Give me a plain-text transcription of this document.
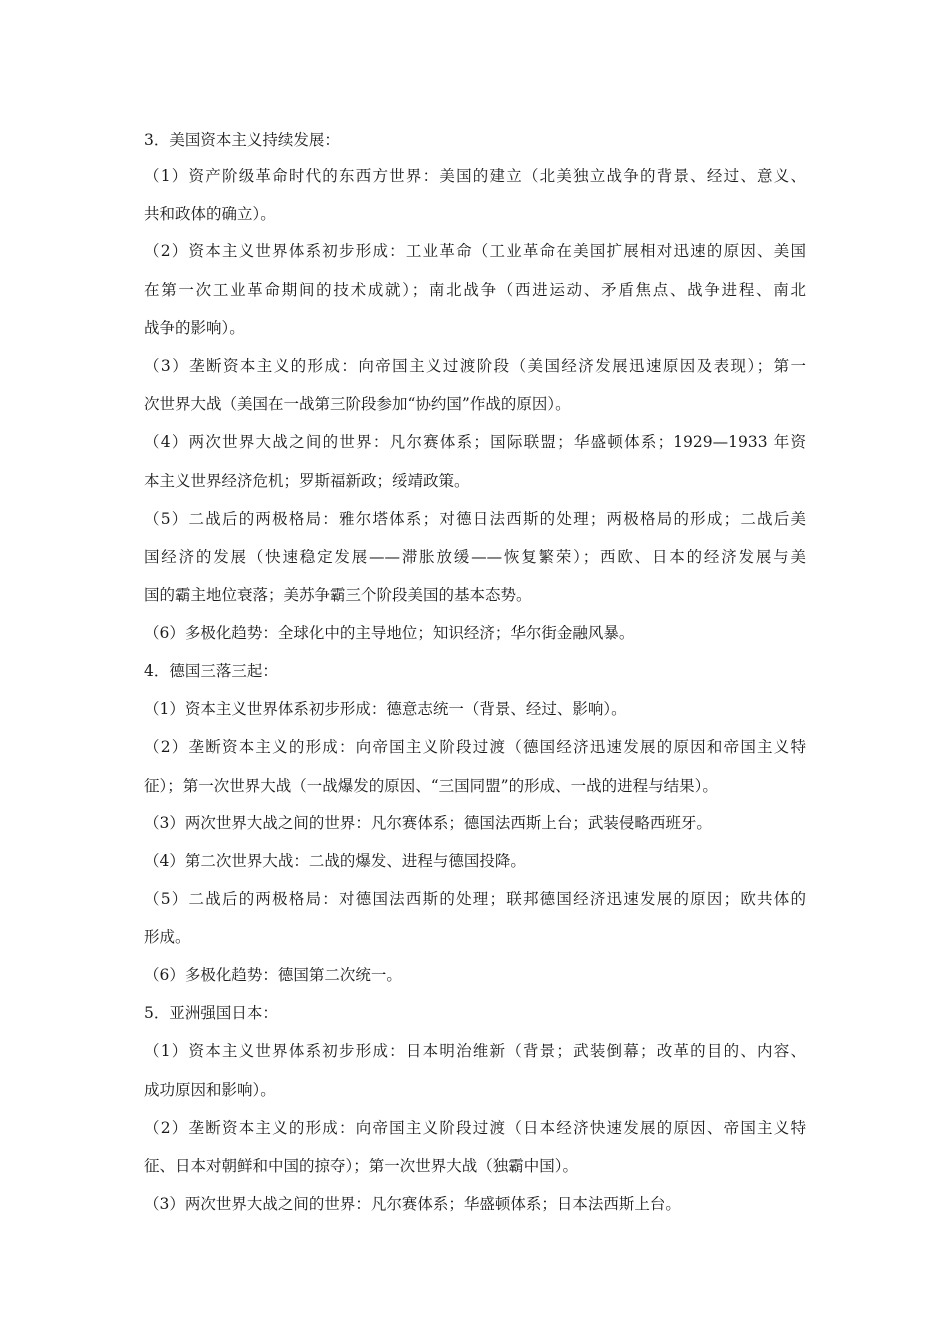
3．美国资本主义持续发展：
（1）资产阶级革命时代的东西方世界：美国的建立（北美独立战争的背景、经过、意义、
共和政体的确立）。
（2）资本主义世界体系初步形成：工业革命（工业革命在美国扩展相对迅速的原因、美国
在第一次工业革命期间的技术成就）；南北战争（西进运动、矛盾焦点、战争进程、南北
战争的影响）。
（3）垄断资本主义的形成：向帝国主义过渡阶段（美国经济发展迅速原因及表现）；第一
次世界大战（美国在一战第三阶段参加“协约国”作战的原因）。
（4）两次世界大战之间的世界：凡尔赛体系；国际联盟；华盛顿体系；1929—1933 年资
本主义世界经济危机；罗斯福新政；绥靖政策。
（5）二战后的两极格局：雅尔塔体系；对德日法西斯的处理；两极格局的形成；二战后美
国经济的发展（快速稳定发展——滞胀放缓——恢复繁荣）；西欧、日本的经济发展与美
国的霸主地位衰落；美苏争霸三个阶段美国的基本态势。
（6）多极化趋势：全球化中的主导地位；知识经济；华尔街金融风暴。
4．德国三落三起：
（1）资本主义世界体系初步形成：德意志统一（背景、经过、影响）。
（2）垄断资本主义的形成：向帝国主义阶段过渡（德国经济迅速发展的原因和帝国主义特
征）；第一次世界大战（一战爆发的原因、“三国同盟”的形成、一战的进程与结果）。
（3）两次世界大战之间的世界：凡尔赛体系；德国法西斯上台；武装侵略西班牙。
（4）第二次世界大战：二战的爆发、进程与德国投降。
（5）二战后的两极格局：对德国法西斯的处理；联邦德国经济迅速发展的原因；欧共体的
形成。
（6）多极化趋势：德国第二次统一。
5．亚洲强国日本：
（1）资本主义世界体系初步形成：日本明治维新（背景；武装倒幕；改革的目的、内容、
成功原因和影响）。
（2）垄断资本主义的形成：向帝国主义阶段过渡（日本经济快速发展的原因、帝国主义特
征、日本对朝鲜和中国的掠夺）；第一次世界大战（独霸中国）。
（3）两次世界大战之间的世界：凡尔赛体系；华盛顿体系；日本法西斯上台。
